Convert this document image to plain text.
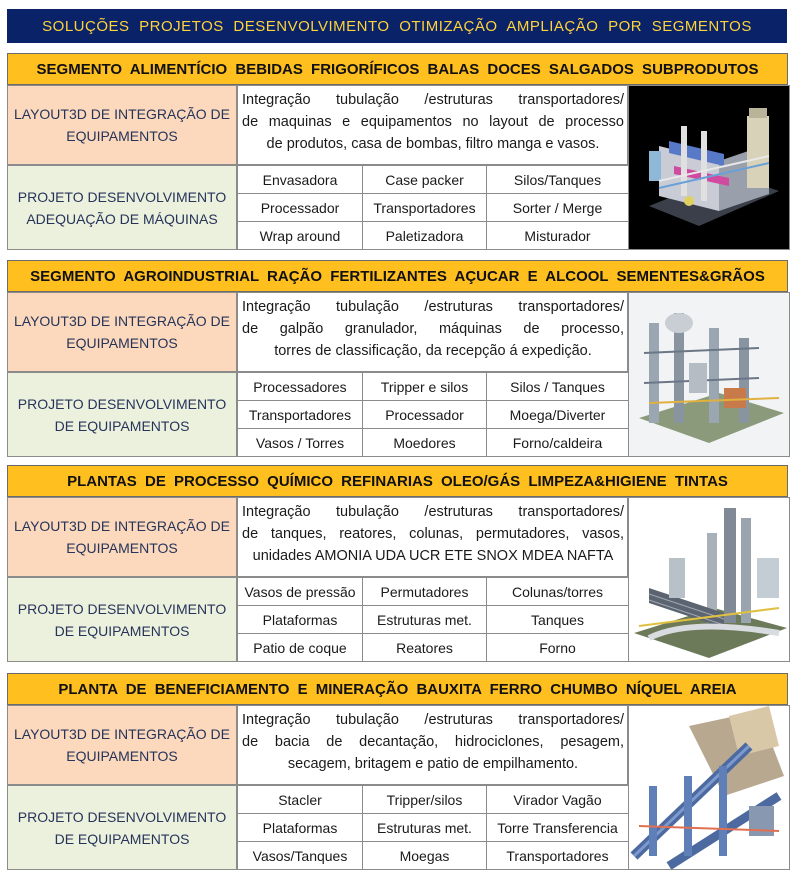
SOLUÇÕES PROJETOS DESENVOLVIMENTO OTIMIZAÇÃO AMPLIAÇÃO POR SEGMENTOS
SEGMENTO ALIMENTÍCIO BEBIDAS FRIGORÍFICOS BALAS DOCES SALGADOS SUBPRODUTOS
LAYOUT3D DE INTEGRAÇÃO DE EQUIPAMENTOS
Integração tubulação /estruturas transportadores/
de maquinas e equipamentos no layout de processo
de produtos, casa de bombas, filtro manga e vasos.
PROJETO DESENVOLVIMENTO ADEQUAÇÃO DE MÁQUINAS
Envasadora	Case packer	Silos/Tanques
Processador	Transportadores	Sorter / Merge
Wrap around	Paletizadora	Misturador
SEGMENTO AGROINDUSTRIAL RAÇÃO FERTILIZANTES AÇUCAR E ALCOOL SEMENTES&GRÃOS
LAYOUT3D DE INTEGRAÇÃO DE EQUIPAMENTOS
Integração tubulação /estruturas transportadores/
de galpão granulador, máquinas de processo,
torres de classificação, da recepção á expedição.
PROJETO DESENVOLVIMENTO DE EQUIPAMENTOS
Processadores	Tripper e silos	Silos / Tanques
Transportadores	Processador	Moega/Diverter
Vasos / Torres	Moedores	Forno/caldeira
PLANTAS DE PROCESSO QUÍMICO REFINARIAS OLEO/GÁS LIMPEZA&HIGIENE TINTAS
LAYOUT3D DE INTEGRAÇÃO DE EQUIPAMENTOS
Integração tubulação /estruturas transportadores/
de tanques, reatores, colunas, permutadores, vasos,
unidades AMONIA UDA UCR ETE SNOX MDEA NAFTA
PROJETO DESENVOLVIMENTO DE EQUIPAMENTOS
Vasos de pressão	Permutadores	Colunas/torres
Plataformas	Estruturas met.	Tanques
Patio de coque	Reatores	Forno
PLANTA DE BENEFICIAMENTO E MINERAÇÃO BAUXITA FERRO CHUMBO NÍQUEL AREIA
LAYOUT3D DE INTEGRAÇÃO DE EQUIPAMENTOS
Integração tubulação /estruturas transportadores/
de bacia de decantação, hidrociclones, pesagem,
secagem, britagem e patio de empilhamento.
PROJETO DESENVOLVIMENTO DE EQUIPAMENTOS
Stacler	Tripper/silos	Virador Vagão
Plataformas	Estruturas met.	Torre Transferencia
Vasos/Tanques	Moegas	Transportadores
